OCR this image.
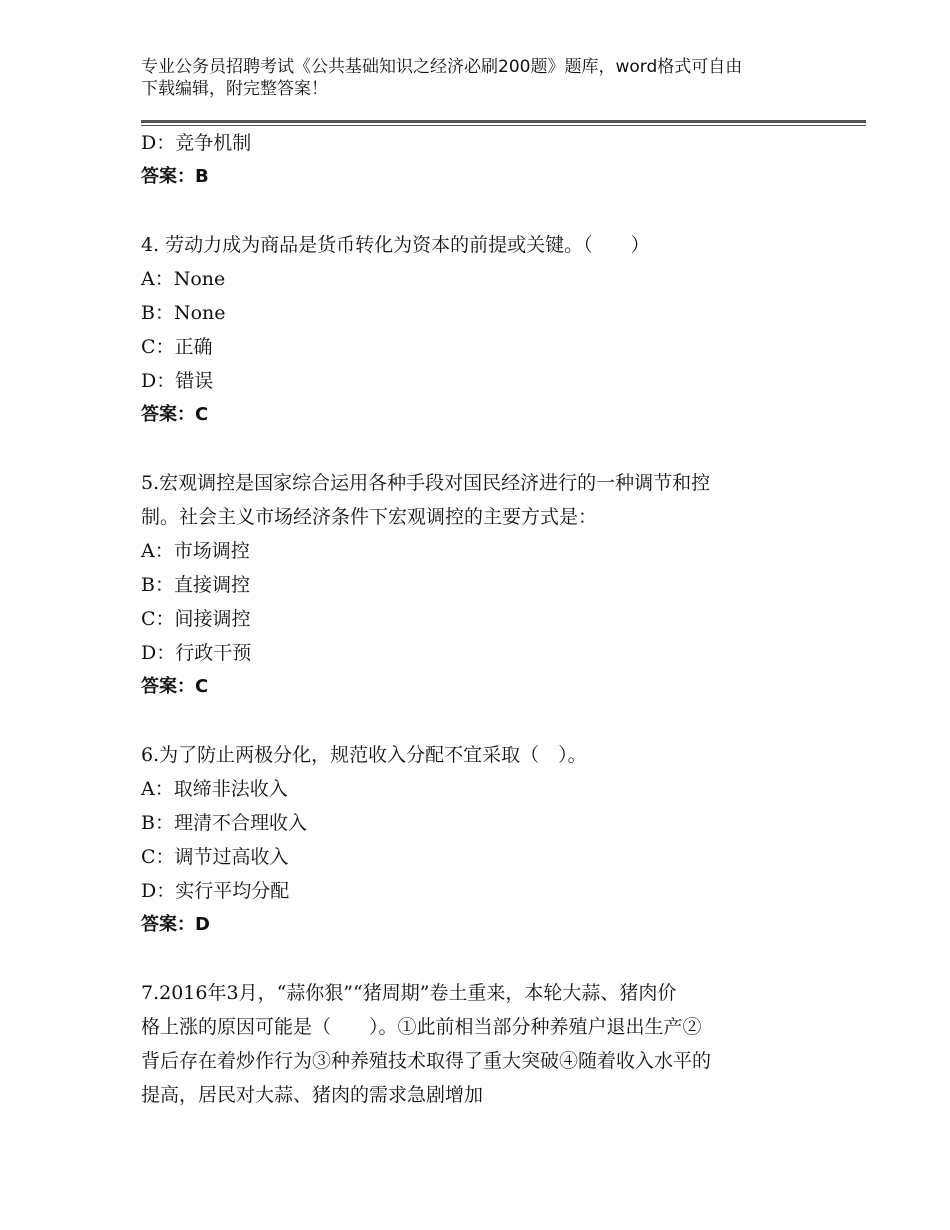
专业公务员招聘考试《公共基础知识之经济必刷200题》题库，word格式可自由
下载编辑，附完整答案！
D：竞争机制
答案：B
4. 劳动力成为商品是货币转化为资本的前提或关键。（　　）
A：None
B：None
C：正确
D：错误
答案：C
5.宏观调控是国家综合运用各种手段对国民经济进行的一种调节和控
制。社会主义市场经济条件下宏观调控的主要方式是：
A：市场调控
B：直接调控
C：间接调控
D：行政干预
答案：C
6.为了防止两极分化，规范收入分配不宜采取（　）。
A：取缔非法收入
B：理清不合理收入
C：调节过高收入
D：实行平均分配
答案：D
7.2016年3月，“蒜你狠”“猪周期”卷土重来，本轮大蒜、猪肉价
格上涨的原因可能是（　　）。①此前相当部分种养殖户退出生产②
背后存在着炒作行为③种养殖技术取得了重大突破④随着收入水平的
提高，居民对大蒜、猪肉的需求急剧增加
